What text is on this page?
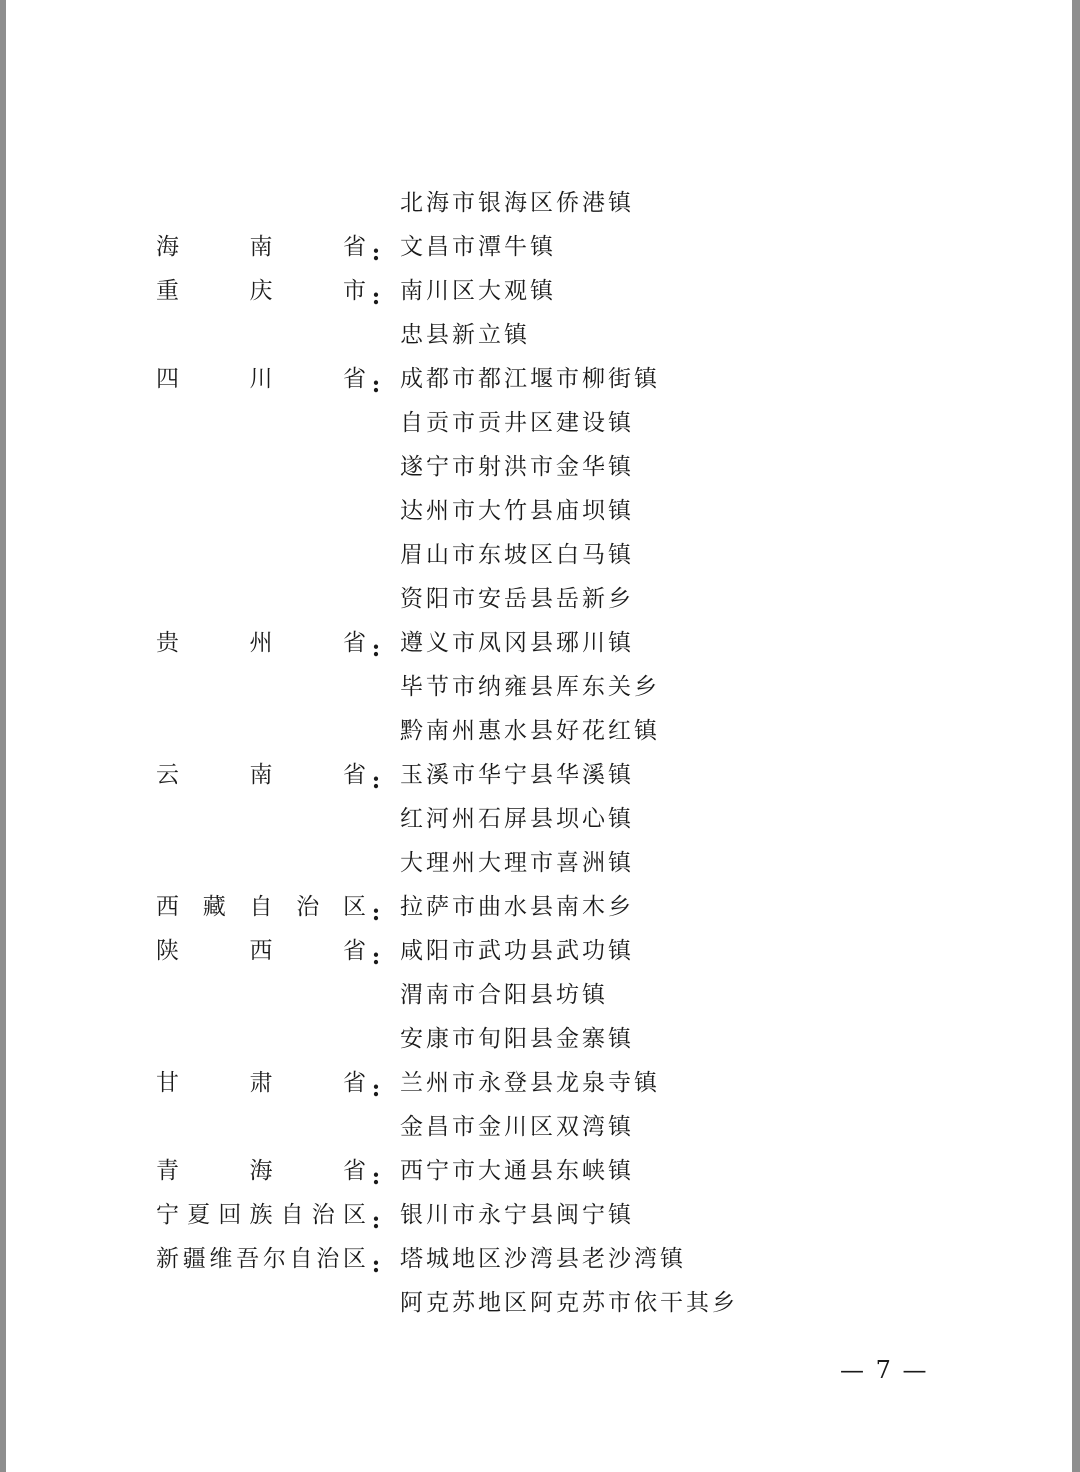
北海市银海区侨港镇
海	南	省 : 文昌市潭牛镇
重	庆	市 : 南川区大观镇
忠县新立镇
四	川	省 : 成都市都江堰市柳街镇
自贡市贡井区建设镇
遂宁市射洪市金华镇
达州市大竹县庙坝镇
眉山市东坡区白马镇
资阳市安岳县岳新乡
贵	州	省 : 遵义市凤冈县琊川镇
毕节市纳雍县厍东关乡
黔南州惠水县好花红镇
云	南	省 : 玉溪市华宁县华溪镇
红河州石屏县坝心镇
大理州大理市喜洲镇
西 藏 自 治 区 : 拉萨市曲水县南木乡
陕	西	省 : 咸阳市武功县武功镇
渭南市合阳县坊镇
安康市旬阳县金寨镇
甘	肃	省 : 兰州市永登县龙泉寺镇
金昌市金川区双湾镇
青	海	省 : 西宁市大通县东峡镇
宁 夏 回 族 自 治 区 : 银川市永宁县闽宁镇
新 疆 维 吾 尔 自 治 区 : 塔城地区沙湾县老沙湾镇
阿克苏地区阿克苏市依干其乡
— 7 —
